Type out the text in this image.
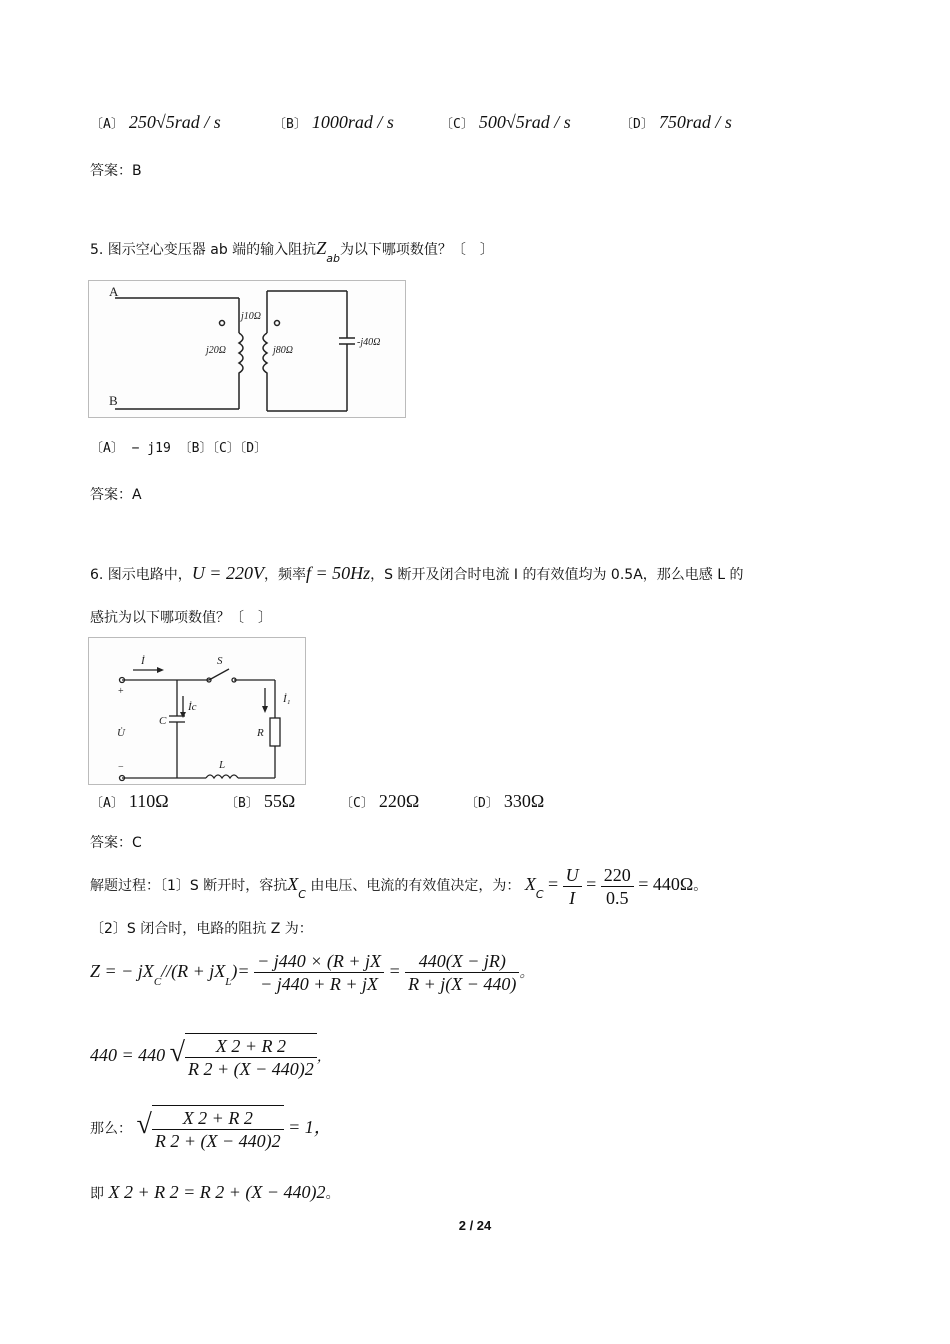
〔A〕 250√5rad / s	〔B〕 1000rad / s	〔C〕 500√5rad / s	〔D〕 750rad / s
答案：B
5. 图示空心变压器 ab 端的输入阻抗$Z_{ab}$为以下哪项数值？〔　〕
A
B
j10Ω
j20Ω	j80Ω
-j40Ω
〔A〕 − j19 〔B〕〔C〕〔D〕
答案：A
6. 图示电路中，U = 220V，频率f = 50Hz，S 断开及闭合时电流 I 的有效值均为 0.5A，那么电感 L 的
感抗为以下哪项数值？〔　〕
İ	S
İ₁
İc
C
R
U̇
L
+
−
〔A〕 110Ω	〔B〕 55Ω	〔C〕 220Ω	〔D〕 330Ω
答案：C
解题过程：〔1〕S 断开时，容抗$X_C$ 由电压、电流的有效值决定，为： $X_C = \frac{U}{I} = \frac{220}{0.5} = 440\Omega$。
〔2〕S 闭合时，电路的阻抗 Z 为：
Z = − $jX_C//(R + jX_L)= \frac{- j440 \times (R + jX}{- j440 + R + jX} = \frac{440(X - jR)}{R + j(X - 440)}$ 。
440 = 440 √ $\frac{X 2 + R 2}{R 2 + (X - 440)2}$ ，
那么： √ $\frac{X 2 + R 2}{R 2 + (X - 440)2} = 1$，
即 X 2 + R 2 = R 2 + (X − 440)2。
2 / 24
